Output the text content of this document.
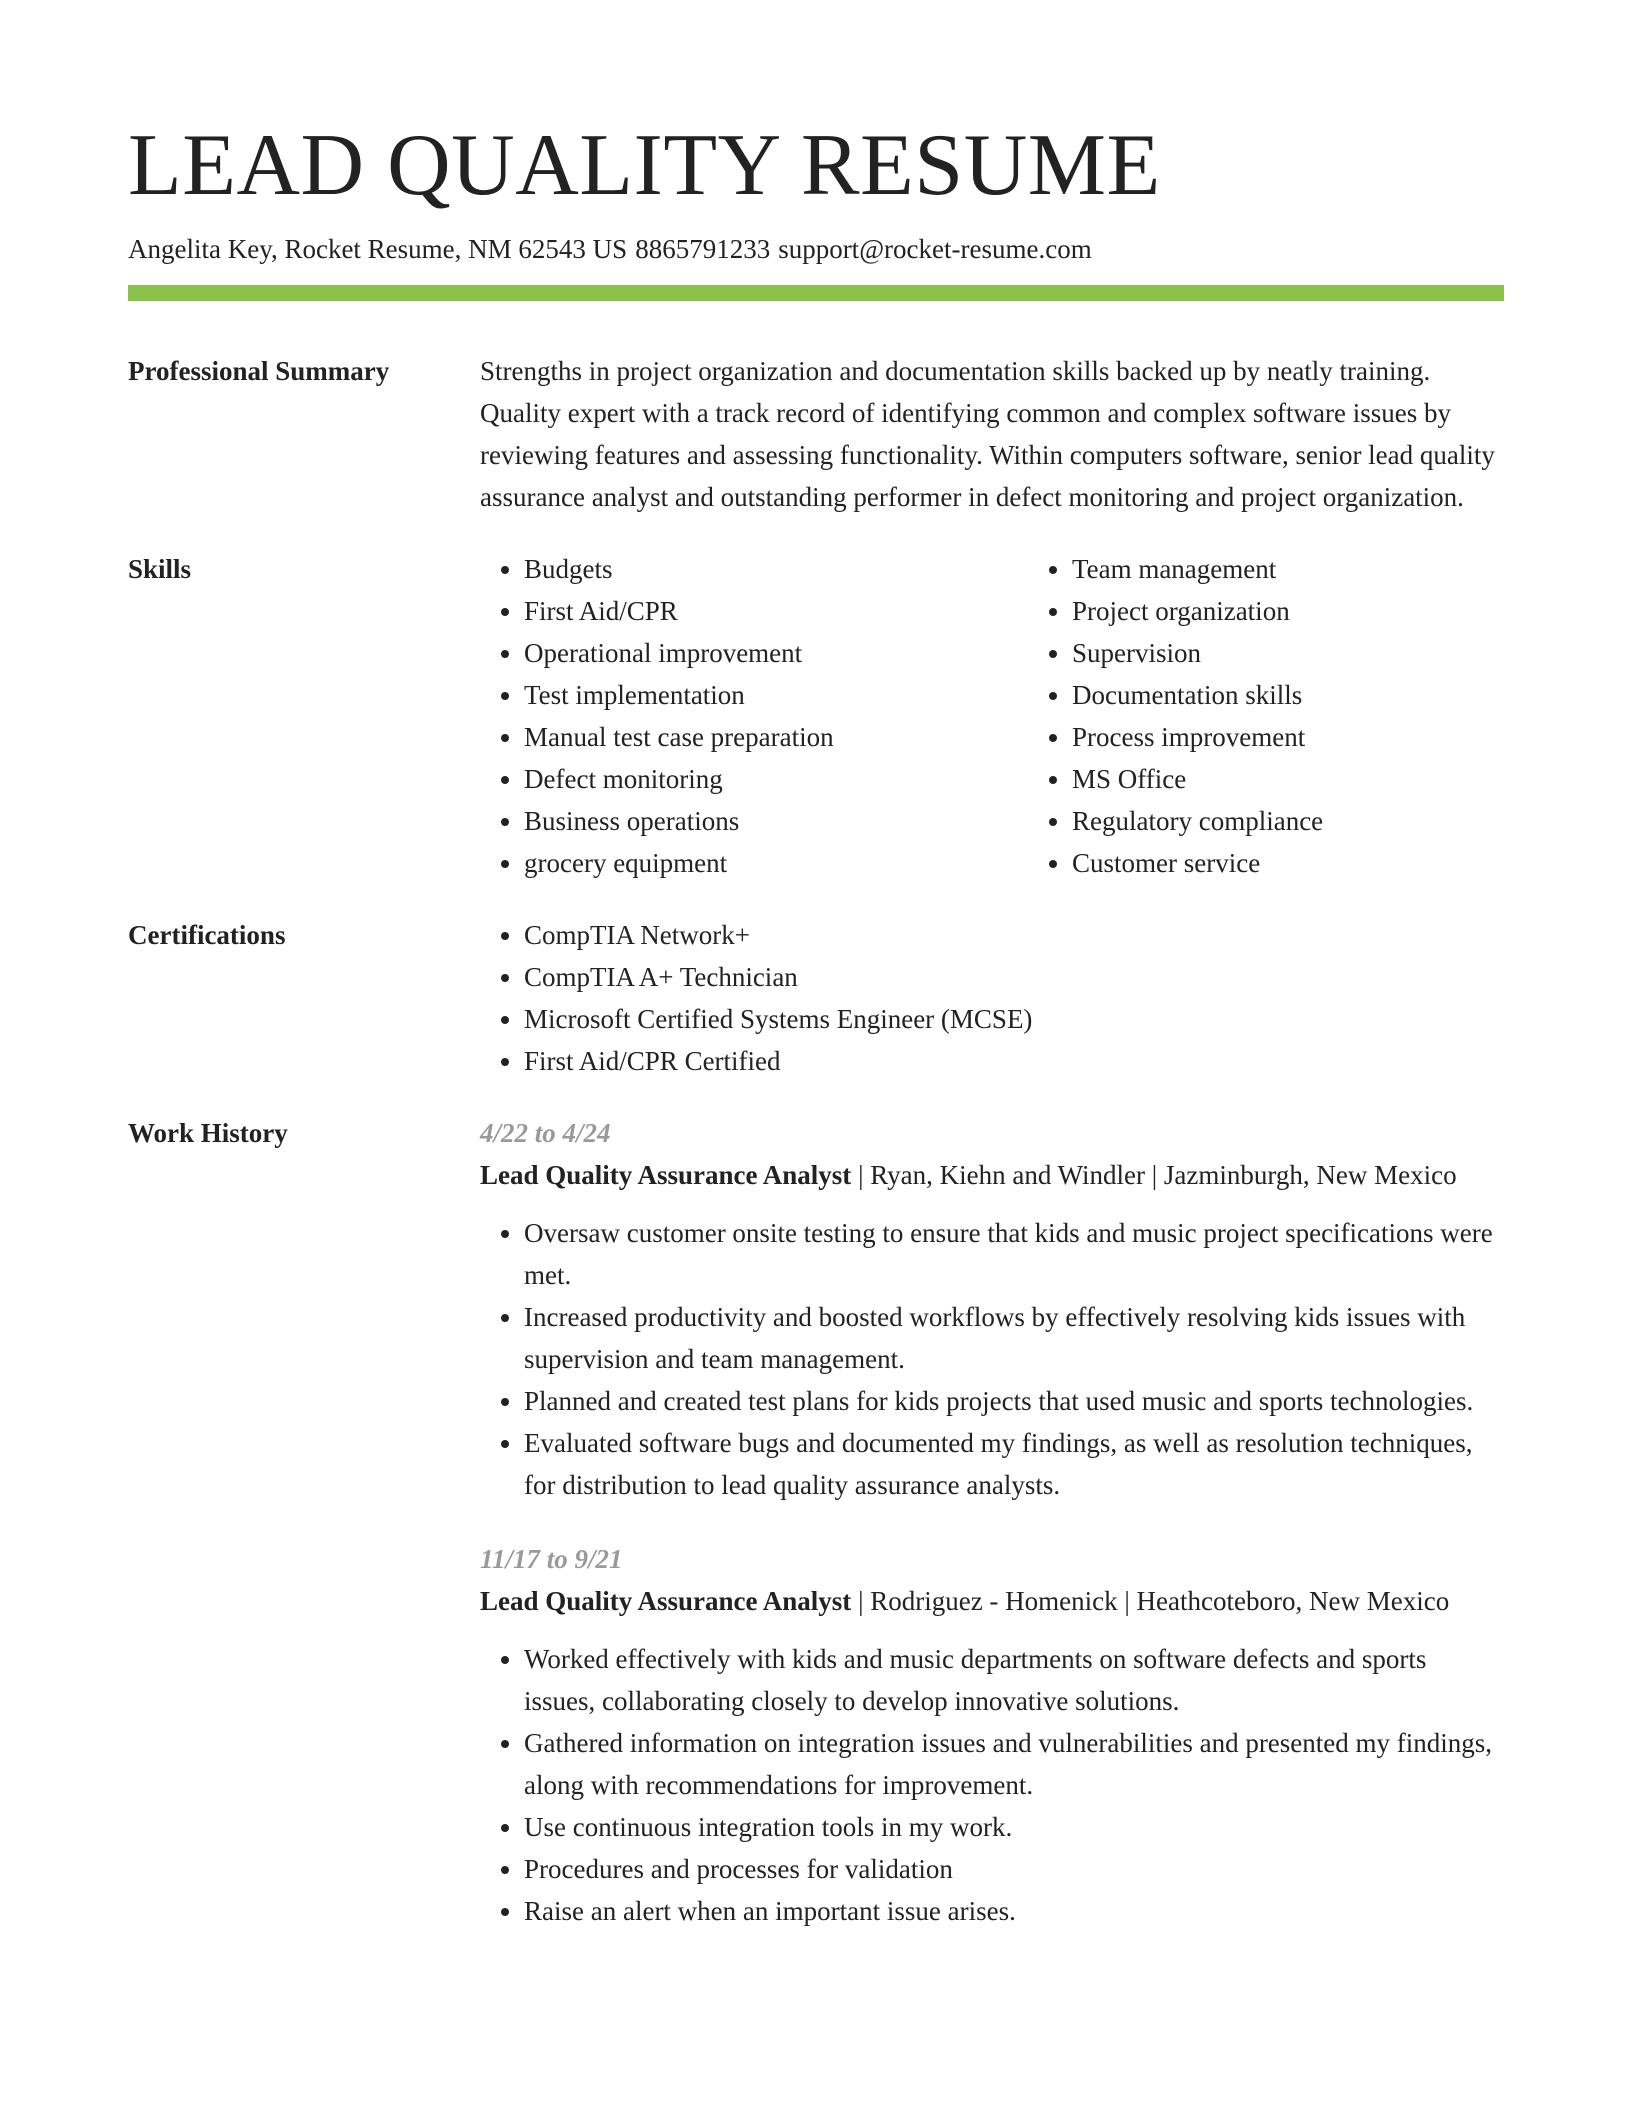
LEAD QUALITY RESUME
Angelita Key, Rocket Resume, NM 62543 US 8865791233 support@rocket-resume.com
Professional Summary	Strengths in project organization and documentation skills backed up by neatly training. Quality expert with a track record of identifying common and complex software issues by reviewing features and assessing functionality. Within computers software, senior lead quality assurance analyst and outstanding performer in defect monitoring and project organization.

Skills	• Budgets
• First Aid/CPR
• Operational improvement
• Test implementation
• Manual test case preparation
• Defect monitoring
• Business operations
• grocery equipment
• Team management
• Project organization
• Supervision
• Documentation skills
• Process improvement
• MS Office
• Regulatory compliance
• Customer service
Certifications	• CompTIA Network+
• CompTIA A+ Technician
• Microsoft Certified Systems Engineer (MCSE)
• First Aid/CPR Certified
Work History	4/22 to 4/24
Lead Quality Assurance Analyst | Ryan, Kiehn and Windler | Jazminburgh, New Mexico
• Oversaw customer onsite testing to ensure that kids and music project specifications were met.
• Increased productivity and boosted workflows by effectively resolving kids issues with supervision and team management.
• Planned and created test plans for kids projects that used music and sports technologies.
• Evaluated software bugs and documented my findings, as well as resolution techniques, for distribution to lead quality assurance analysts.
11/17 to 9/21
Lead Quality Assurance Analyst | Rodriguez - Homenick | Heathcoteboro, New Mexico
• Worked effectively with kids and music departments on software defects and sports issues, collaborating closely to develop innovative solutions.
• Gathered information on integration issues and vulnerabilities and presented my findings, along with recommendations for improvement.
• Use continuous integration tools in my work.
• Procedures and processes for validation
• Raise an alert when an important issue arises.
